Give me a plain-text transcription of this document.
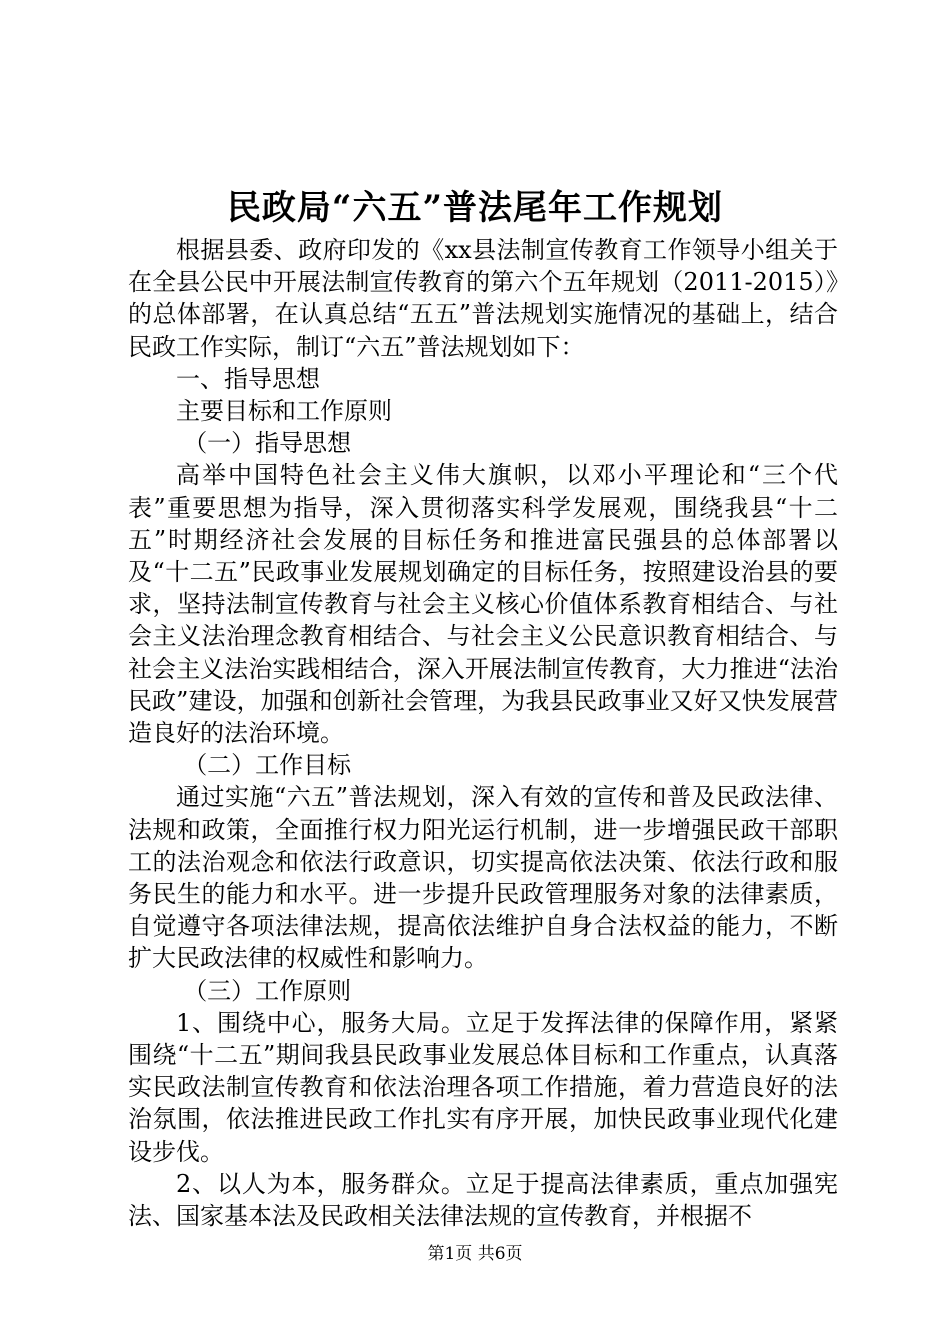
民政局“六五”普法尾年工作规划

根据县委、政府印发的《xx县法制宣传教育工作领导小组关于在全县公民中开展法制宣传教育的第六个五年规划（2011-2015）》的总体部署，在认真总结“五五”普法规划实施情况的基础上，结合民政工作实际，制订“六五”普法规划如下：

一、指导思想

主要目标和工作原则

（一）指导思想

高举中国特色社会主义伟大旗帜，以邓小平理论和“三个代表”重要思想为指导，深入贯彻落实科学发展观，围绕我县“十二五”时期经济社会发展的目标任务和推进富民强县的总体部署以及“十二五”民政事业发展规划确定的目标任务，按照建设治县的要求，坚持法制宣传教育与社会主义核心价值体系教育相结合、与社会主义法治理念教育相结合、与社会主义公民意识教育相结合、与社会主义法治实践相结合，深入开展法制宣传教育，大力推进“法治民政”建设，加强和创新社会管理，为我县民政事业又好又快发展营造良好的法治环境。

（二）工作目标

通过实施“六五”普法规划，深入有效的宣传和普及民政法律、法规和政策，全面推行权力阳光运行机制，进一步增强民政干部职工的法治观念和依法行政意识，切实提高依法决策、依法行政和服务民生的能力和水平。进一步提升民政管理服务对象的法律素质，自觉遵守各项法律法规，提高依法维护自身合法权益的能力，不断扩大民政法律的权威性和影响力。

（三）工作原则

1、围绕中心，服务大局。立足于发挥法律的保障作用，紧紧围绕“十二五”期间我县民政事业发展总体目标和工作重点，认真落实民政法制宣传教育和依法治理各项工作措施，着力营造良好的法治氛围，依法推进民政工作扎实有序开展，加快民政事业现代化建设步伐。

2、以人为本，服务群众。立足于提高法律素质，重点加强宪法、国家基本法及民政相关法律法规的宣传教育，并根据不

第1页 共6页
